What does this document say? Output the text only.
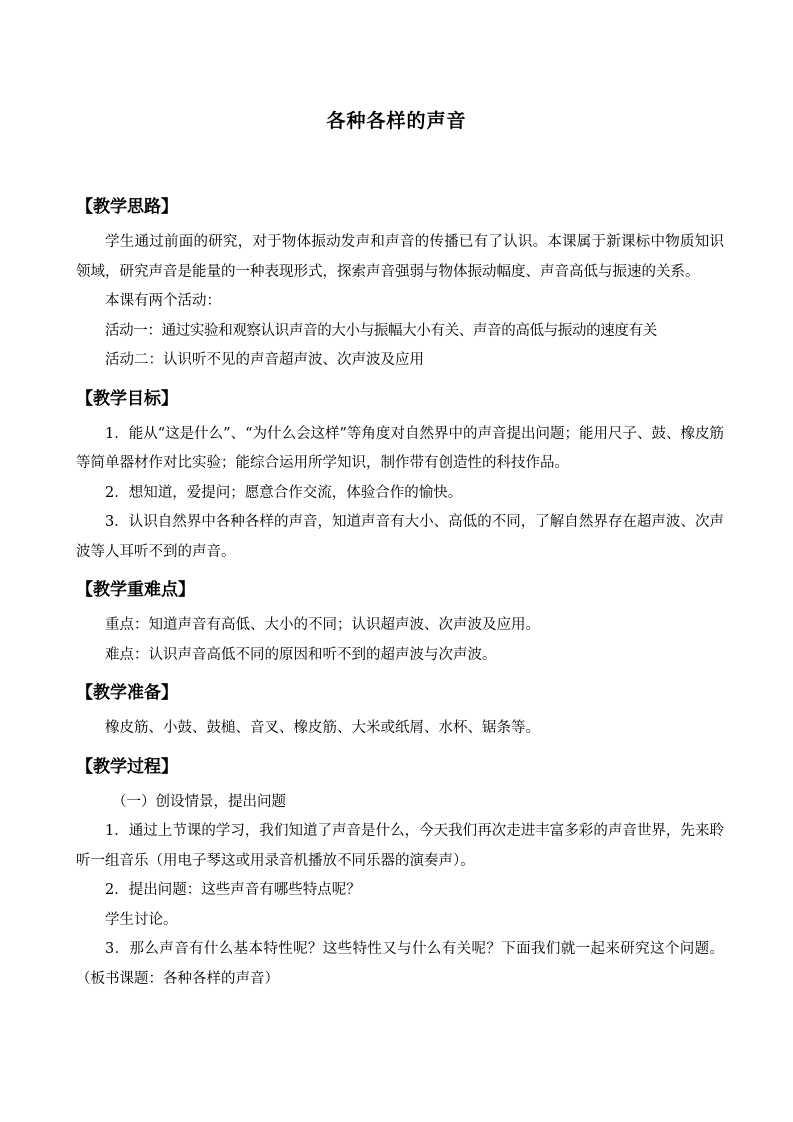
各种各样的声音
【教学思路】

学生通过前面的研究，对于物体振动发声和声音的传播已有了认识。本课属于新课标中物质知识领域，研究声音是能量的一种表现形式，探索声音强弱与物体振动幅度、声音高低与振速的关系。

本课有两个活动：

活动一：通过实验和观察认识声音的大小与振幅大小有关、声音的高低与振动的速度有关

活动二：认识听不见的声音超声波、次声波及应用

【教学目标】

1．能从“这是什么”、“为什么会这样”等角度对自然界中的声音提出问题；能用尺子、鼓、橡皮筋等简单器材作对比实验；能综合运用所学知识，制作带有创造性的科技作品。

2．想知道，爱提问；愿意合作交流，体验合作的愉快。

3．认识自然界中各种各样的声音，知道声音有大小、高低的不同，了解自然界存在超声波、次声波等人耳听不到的声音。

【教学重难点】

重点：知道声音有高低、大小的不同；认识超声波、次声波及应用。

难点：认识声音高低不同的原因和听不到的超声波与次声波。

【教学准备】

橡皮筋、小鼓、鼓槌、音叉、橡皮筋、大米或纸屑、水杯、锯条等。

【教学过程】

（一）创设情景，提出问题

1．通过上节课的学习，我们知道了声音是什么，今天我们再次走进丰富多彩的声音世界，先来聆听一组音乐（用电子琴这或用录音机播放不同乐器的演奏声）。

2．提出问题：这些声音有哪些特点呢？

学生讨论。

3．那么声音有什么基本特性呢？这些特性又与什么有关呢？下面我们就一起来研究这个问题。（板书课题：各种各样的声音）
